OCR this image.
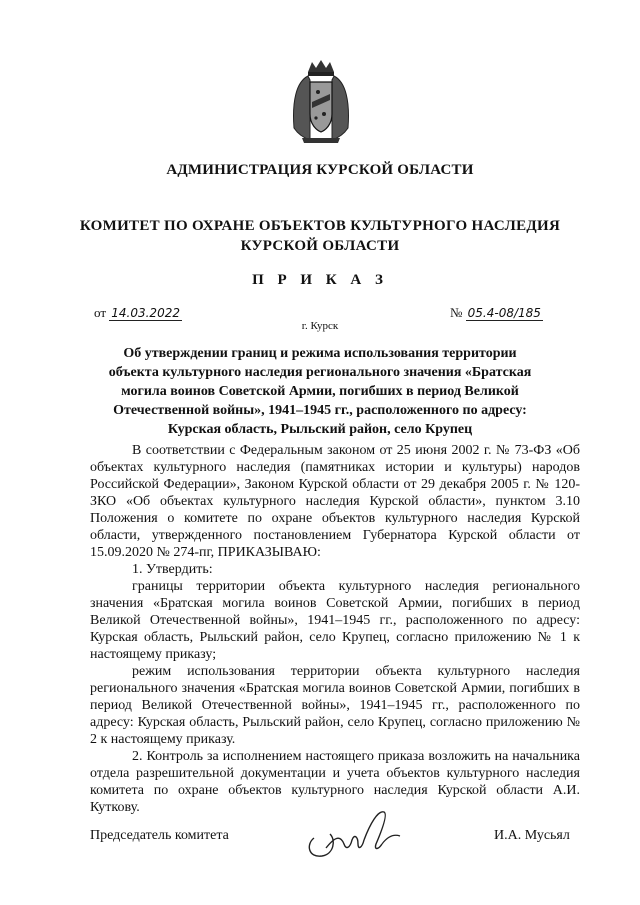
АДМИНИСТРАЦИЯ КУРСКОЙ ОБЛАСТИ
КОМИТЕТ ПО ОХРАНЕ ОБЪЕКТОВ КУЛЬТУРНОГО НАСЛЕДИЯ
КУРСКОЙ ОБЛАСТИ
П Р И К А З
от 14.03.2022	№ 05.4-08/185
г. Курск
Об утверждении границ и режима использования территории объекта культурного наследия регионального значения «Братская могила воинов Советской Армии, погибших в период Великой Отечественной войны», 1941–1945 гг., расположенного по адресу: Курская область, Рыльский район, село Крупец

В соответствии с Федеральным законом от 25 июня 2002 г. № 73-ФЗ «Об объектах культурного наследия (памятниках истории и культуры) народов Российской Федерации», Законом Курской области от 29 декабря 2005 г. № 120-ЗКО «Об объектах культурного наследия Курской области», пунктом 3.10 Положения о комитете по охране объектов культурного наследия Курской области, утвержденного постановлением Губернатора Курской области от 15.09.2020 № 274-пг, ПРИКАЗЫВАЮ:

1. Утвердить:

границы территории объекта культурного наследия регионального значения «Братская могила воинов Советской Армии, погибших в период Великой Отечественной войны», 1941–1945 гг., расположенного по адресу: Курская область, Рыльский район, село Крупец, согласно приложению № 1 к настоящему приказу;

режим использования территории объекта культурного наследия регионального значения «Братская могила воинов Советской Армии, погибших в период Великой Отечественной войны», 1941–1945 гг., расположенного по адресу: Курская область, Рыльский район, село Крупец, согласно приложению № 2 к настоящему приказу.

2. Контроль за исполнением настоящего приказа возложить на начальника отдела разрешительной документации и учета объектов культурного наследия комитета по охране объектов культурного наследия Курской области А.И. Куткову.

Председатель комитета	И.А. Мусьял
